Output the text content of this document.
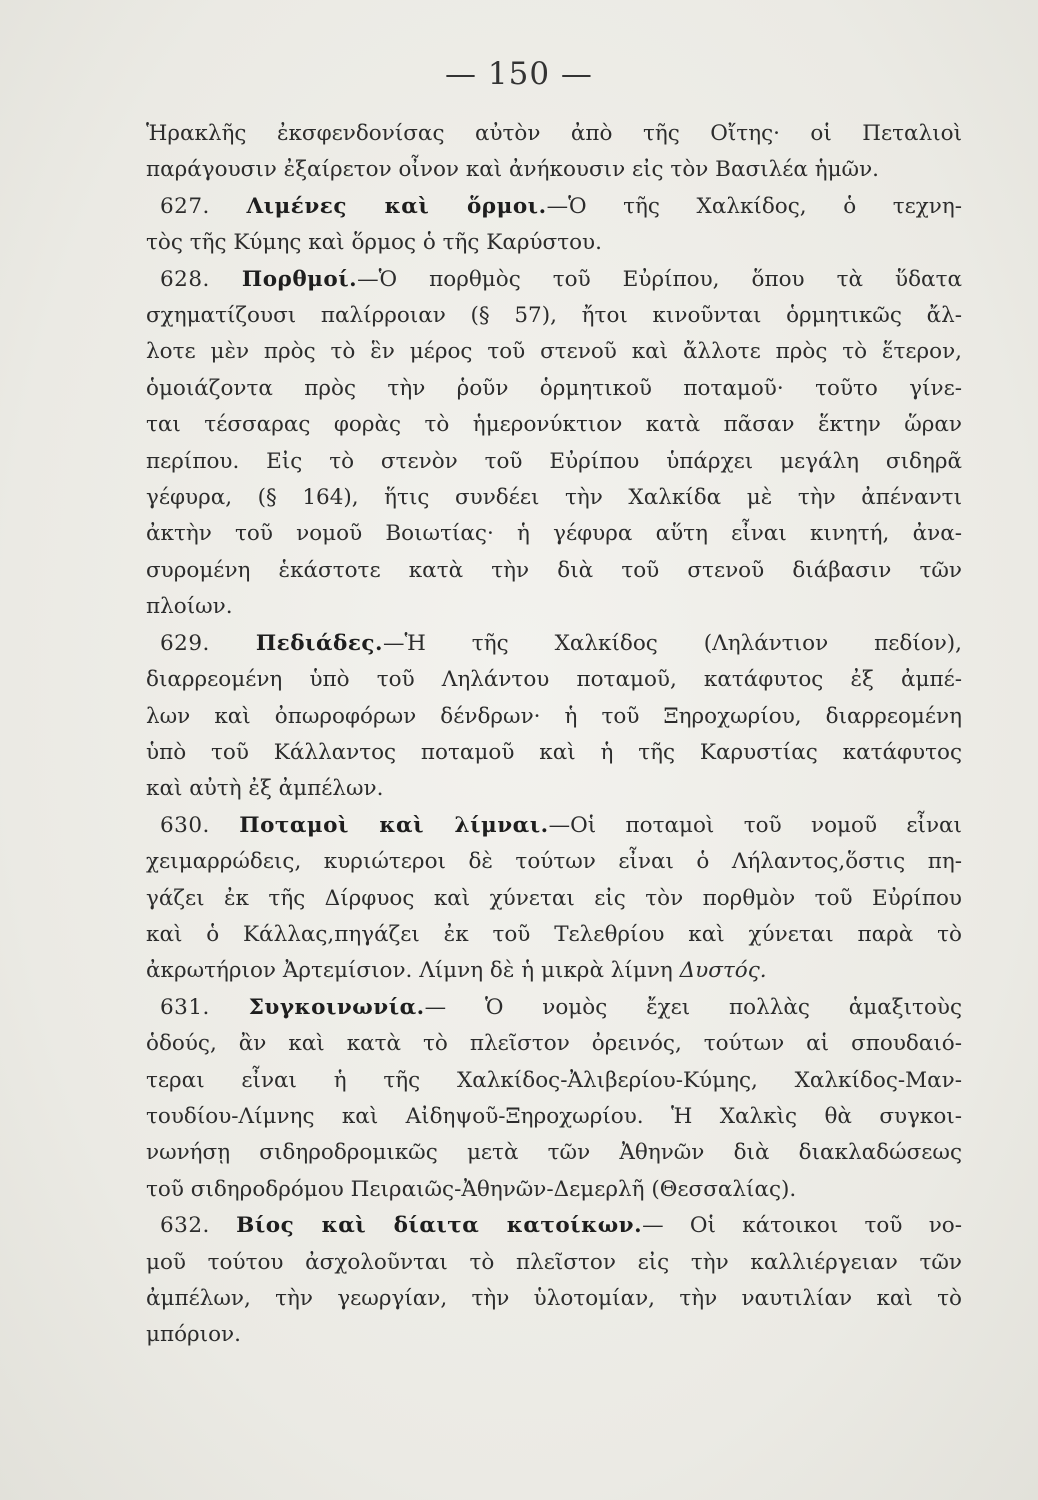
— 150 —
Ἡρακλῆς ἐκσφενδονίσας αὐτὸν ἀπὸ τῆς Οἴτης· οἱ Πεταλιοὶ
παράγουσιν ἐξαίρετον οἶνον καὶ ἀνήκουσιν εἰς τὸν Βασιλέα ἡμῶν.
627. Λιμένες καὶ ὅρμοι.—Ὁ τῆς Χαλκίδος, ὁ τεχνη-
τὸς τῆς Κύμης καὶ ὅρμος ὁ τῆς Καρύστου.
628. Πορθμοί.—Ὁ πορθμὸς τοῦ Εὐρίπου, ὅπου τὰ ὕδατα
σχηματίζουσι παλίρροιαν (§ 57), ἤτοι κινοῦνται ὁρμητικῶς ἄλ-
λοτε μὲν πρὸς τὸ ἓν μέρος τοῦ στενοῦ καὶ ἄλλοτε πρὸς τὸ ἕτερον,
ὁμοιάζοντα πρὸς τὴν ῥοῦν ὁρμητικοῦ ποταμοῦ· τοῦτο γίνε-
ται τέσσαρας φορὰς τὸ ἡμερονύκτιον κατὰ πᾶσαν ἕκτην ὥραν
περίπου. Εἰς τὸ στενὸν τοῦ Εὐρίπου ὑπάρχει μεγάλη σιδηρᾶ
γέφυρα, (§ 164), ἥτις συνδέει τὴν Χαλκίδα μὲ τὴν ἀπέναντι
ἀκτὴν τοῦ νομοῦ Βοιωτίας· ἡ γέφυρα αὕτη εἶναι κινητή, ἀνα-
συρομένη ἑκάστοτε κατὰ τὴν διὰ τοῦ στενοῦ διάβασιν τῶν
πλοίων.
629. Πεδιάδες.—Ἡ τῆς Χαλκίδος (Ληλάντιον πεδίον),
διαρρεομένη ὑπὸ τοῦ Ληλάντου ποταμοῦ, κατάφυτος ἐξ ἀμπέ-
λων καὶ ὀπωροφόρων δένδρων· ἡ τοῦ Ξηροχωρίου, διαρρεομένη
ὑπὸ τοῦ Κάλλαντος ποταμοῦ καὶ ἡ τῆς Καρυστίας κατάφυτος
καὶ αὐτὴ ἐξ ἀμπέλων.
630. Ποταμοὶ καὶ λίμναι.—Οἱ ποταμοὶ τοῦ νομοῦ εἶναι
χειμαρρώδεις, κυριώτεροι δὲ τούτων εἶναι ὁ Λήλαντος,ὅστις πη-
γάζει ἐκ τῆς Δίρφυος καὶ χύνεται εἰς τὸν πορθμὸν τοῦ Εὐρίπου
καὶ ὁ Κάλλας,πηγάζει ἐκ τοῦ Τελεθρίου καὶ χύνεται παρὰ τὸ
ἀκρωτήριον Ἀρτεμίσιον. Λίμνη δὲ ἡ μικρὰ λίμνη Δυστός.
631. Συγκοινωνία.— Ὁ νομὸς ἔχει πολλὰς ἁμαξιτοὺς
ὁδούς, ἂν καὶ κατὰ τὸ πλεῖστον ὀρεινός, τούτων αἱ σπουδαιό-
τεραι εἶναι ἡ τῆς Χαλκίδος-Ἀλιβερίου-Κύμης, Χαλκίδος-Μαν-
τουδίου-Λίμνης καὶ Αἰδηψοῦ-Ξηροχωρίου. Ἡ Χαλκὶς θὰ συγκοι-
νωνήσῃ σιδηροδρομικῶς μετὰ τῶν Ἀθηνῶν διὰ διακλαδώσεως
τοῦ σιδηροδρόμου Πειραιῶς-Ἀθηνῶν-Δεμερλῆ (Θεσσαλίας).
632. Βίος καὶ δίαιτα κατοίκων.— Οἱ κάτοικοι τοῦ νο-
μοῦ τούτου ἀσχολοῦνται τὸ πλεῖστον εἰς τὴν καλλιέργειαν τῶν
ἀμπέλων, τὴν γεωργίαν, τὴν ὑλοτομίαν, τὴν ναυτιλίαν καὶ τὸ
μπόριον.
